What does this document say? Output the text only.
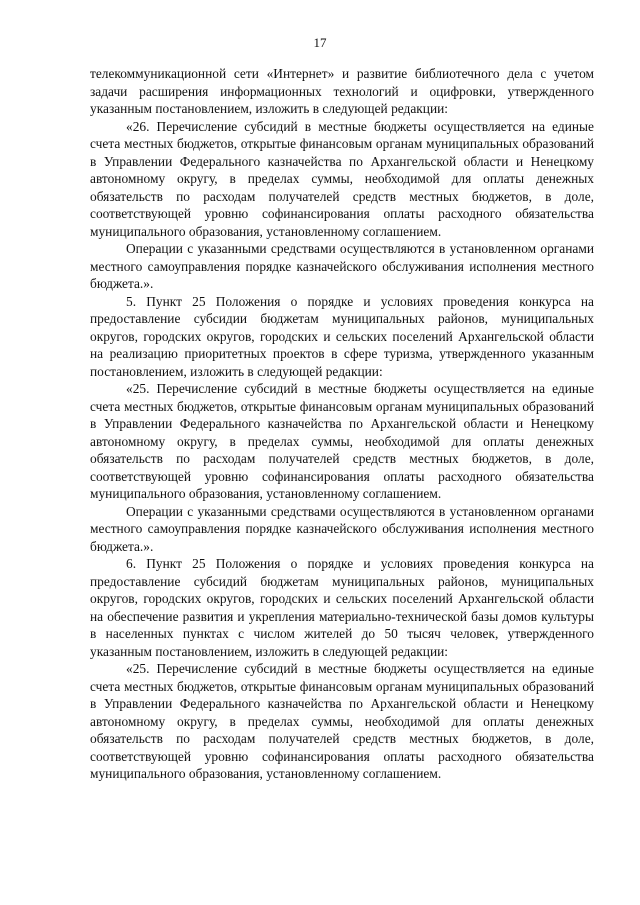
17

телекоммуникационной сети «Интернет» и развитие библиотечного дела с учетом задачи расширения информационных технологий и оцифровки, утвержденного указанным постановлением, изложить в следующей редакции:

«26. Перечисление субсидий в местные бюджеты осуществляется на единые счета местных бюджетов, открытые финансовым органам муниципальных образований в Управлении Федерального казначейства по Архангельской области и Ненецкому автономному округу, в пределах суммы, необходимой для оплаты денежных обязательств по расходам получателей средств местных бюджетов, в доле, соответствующей уровню софинансирования оплаты расходного обязательства муниципального образования, установленному соглашением.

Операции с указанными средствами осуществляются в установленном органами местного самоуправления порядке казначейского обслуживания исполнения местного бюджета.».

5. Пункт 25 Положения о порядке и условиях проведения конкурса на предоставление субсидии бюджетам муниципальных районов, муниципальных округов, городских округов, городских и сельских поселений Архангельской области на реализацию приоритетных проектов в сфере туризма, утвержденного указанным постановлением, изложить в следующей редакции:

«25. Перечисление субсидий в местные бюджеты осуществляется на единые счета местных бюджетов, открытые финансовым органам муниципальных образований в Управлении Федерального казначейства по Архангельской области и Ненецкому автономному округу, в пределах суммы, необходимой для оплаты денежных обязательств по расходам получателей средств местных бюджетов, в доле, соответствующей уровню софинансирования оплаты расходного обязательства муниципального образования, установленному соглашением.

Операции с указанными средствами осуществляются в установленном органами местного самоуправления порядке казначейского обслуживания исполнения местного бюджета.».

6. Пункт 25 Положения о порядке и условиях проведения конкурса на предоставление субсидий бюджетам муниципальных районов, муниципальных округов, городских округов, городских и сельских поселений Архангельской области на обеспечение развития и укрепления материально-технической базы домов культуры в населенных пунктах с числом жителей до 50 тысяч человек, утвержденного указанным постановлением, изложить в следующей редакции:

«25. Перечисление субсидий в местные бюджеты осуществляется на единые счета местных бюджетов, открытые финансовым органам муниципальных образований в Управлении Федерального казначейства по Архангельской области и Ненецкому автономному округу, в пределах суммы, необходимой для оплаты денежных обязательств по расходам получателей средств местных бюджетов, в доле, соответствующей уровню софинансирования оплаты расходного обязательства муниципального образования, установленному соглашением.
